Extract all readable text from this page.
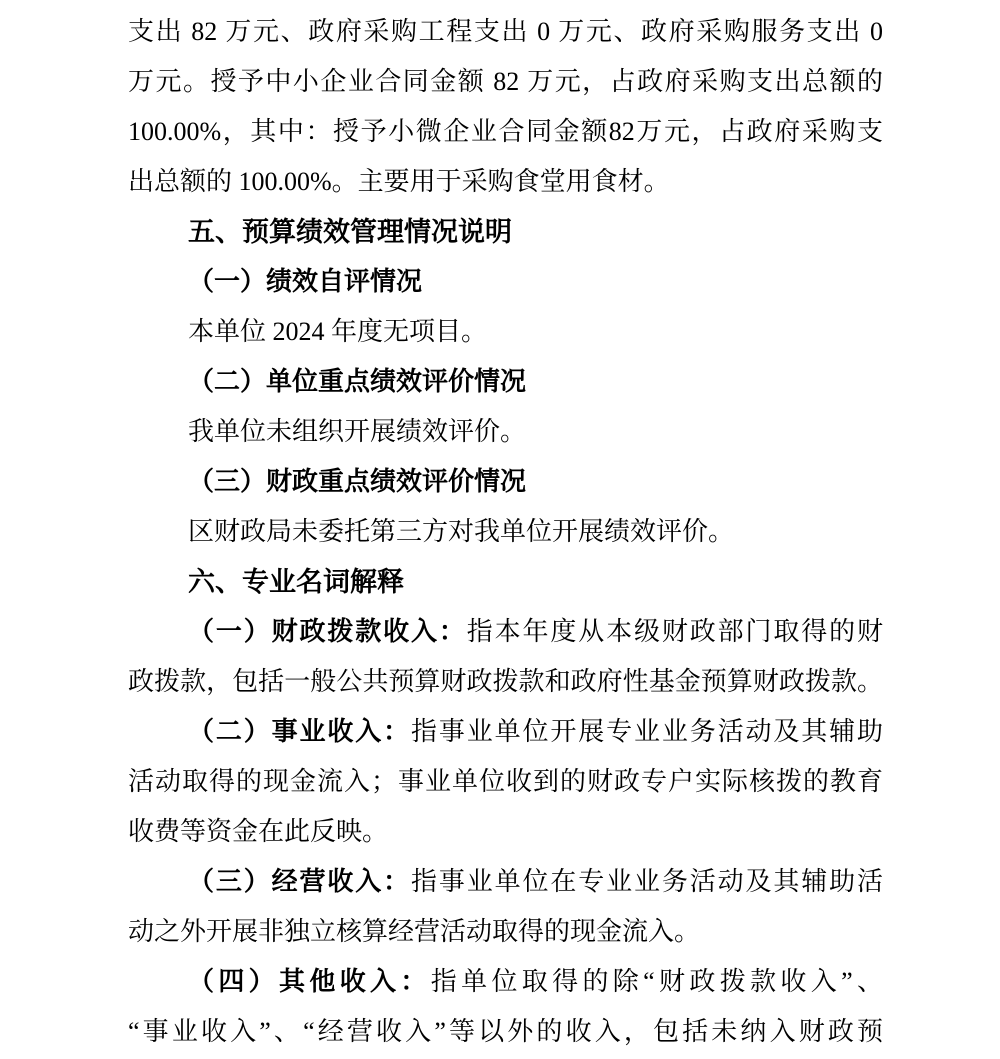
支出 82 万元、政府采购工程支出 0 万元、政府采购服务支出 0
万元。授予中小企业合同金额 82 万元，占政府采购支出总额的
100.00%，其中：授予小微企业合同金额82万元，占政府采购支
出总额的 100.00%。主要用于采购食堂用食材。
五、预算绩效管理情况说明
（一）绩效自评情况
本单位 2024 年度无项目。
（二）单位重点绩效评价情况
我单位未组织开展绩效评价。
（三）财政重点绩效评价情况
区财政局未委托第三方对我单位开展绩效评价。
六、专业名词解释
（一）财政拨款收入：指本年度从本级财政部门取得的财
政拨款，包括一般公共预算财政拨款和政府性基金预算财政拨款。
（二）事业收入：指事业单位开展专业业务活动及其辅助
活动取得的现金流入；事业单位收到的财政专户实际核拨的教育
收费等资金在此反映。
（三）经营收入：指事业单位在专业业务活动及其辅助活
动之外开展非独立核算经营活动取得的现金流入。
（四）其他收入：指单位取得的除“财政拨款收入”、
“事业收入”、“经营收入”等以外的收入，包括未纳入财政预
